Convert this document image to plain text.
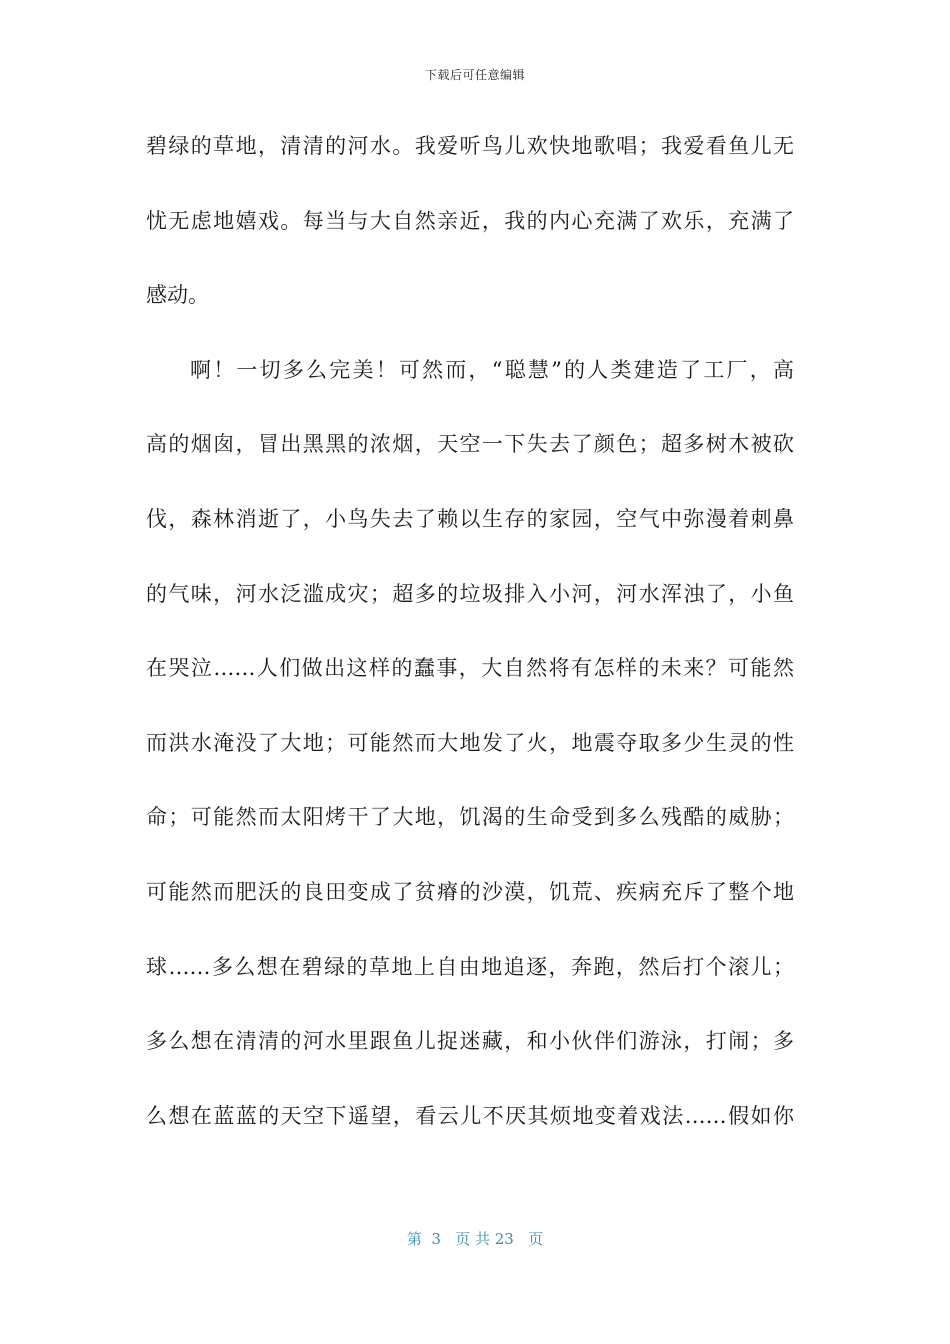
下载后可任意编辑
碧绿的草地，清清的河水。我爱听鸟儿欢快地歌唱；我爱看鱼儿无
忧无虑地嬉戏。每当与大自然亲近，我的内心充满了欢乐，充满了
感动。
啊！一切多么完美！可然而，“聪慧”的人类建造了工厂，高
高的烟囱，冒出黑黑的浓烟，天空一下失去了颜色；超多树木被砍
伐，森林消逝了，小鸟失去了赖以生存的家园，空气中弥漫着刺鼻
的气味，河水泛滥成灾；超多的垃圾排入小河，河水浑浊了，小鱼
在哭泣……人们做出这样的蠢事，大自然将有怎样的未来？可能然
而洪水淹没了大地；可能然而大地发了火，地震夺取多少生灵的性
命；可能然而太阳烤干了大地，饥渴的生命受到多么残酷的威胁；
可能然而肥沃的良田变成了贫瘠的沙漠，饥荒、疾病充斥了整个地
球……多么想在碧绿的草地上自由地追逐，奔跑，然后打个滚儿；
多么想在清清的河水里跟鱼儿捉迷藏，和小伙伴们游泳，打闹；多
么想在蓝蓝的天空下遥望，看云儿不厌其烦地变着戏法……假如你
第  3   页 共 23   页
